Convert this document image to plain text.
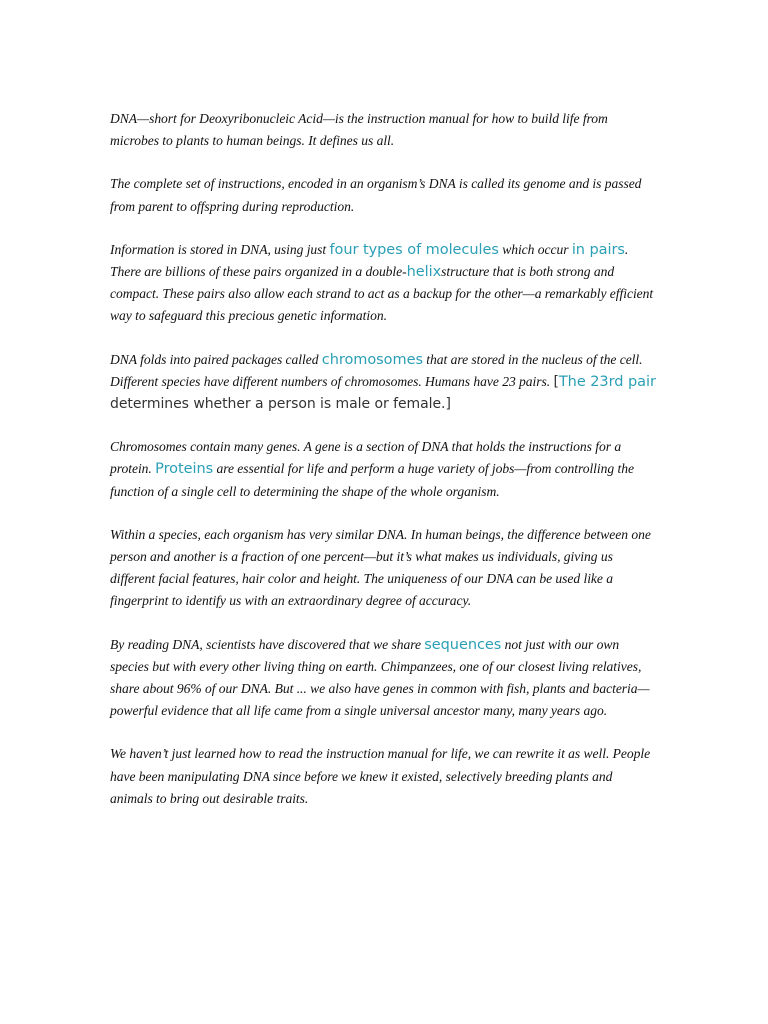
DNA—short for Deoxyribonucleic Acid—is the instruction manual for how to build life from microbes to plants to human beings. It defines us all.

The complete set of instructions, encoded in an organism’s DNA is called its genome and is passed from parent to offspring during reproduction.

Information is stored in DNA, using just four types of molecules which occur in pairs. There are billions of these pairs organized in a double-helixstructure that is both strong and compact. These pairs also allow each strand to act as a backup for the other—a remarkably efficient way to safeguard this precious genetic information.

DNA folds into paired packages called chromosomes that are stored in the nucleus of the cell. Different species have different numbers of chromosomes. Humans have 23 pairs. [The 23rd pair determines whether a person is male or female.]

Chromosomes contain many genes. A gene is a section of DNA that holds the instructions for a protein. Proteins are essential for life and perform a huge variety of jobs—from controlling the function of a single cell to determining the shape of the whole organism.

Within a species, each organism has very similar DNA. In human beings, the difference between one person and another is a fraction of one percent—but it’s what makes us individuals, giving us different facial features, hair color and height. The uniqueness of our DNA can be used like a fingerprint to identify us with an extraordinary degree of accuracy.

By reading DNA, scientists have discovered that we share sequences not just with our own species but with every other living thing on earth. Chimpanzees, one of our closest living relatives, share about 96% of our DNA. But ... we also have genes in common with fish, plants and bacteria—powerful evidence that all life came from a single universal ancestor many, many years ago.

We haven’t just learned how to read the instruction manual for life, we can rewrite it as well. People have been manipulating DNA since before we knew it existed, selectively breeding plants and animals to bring out desirable traits.
